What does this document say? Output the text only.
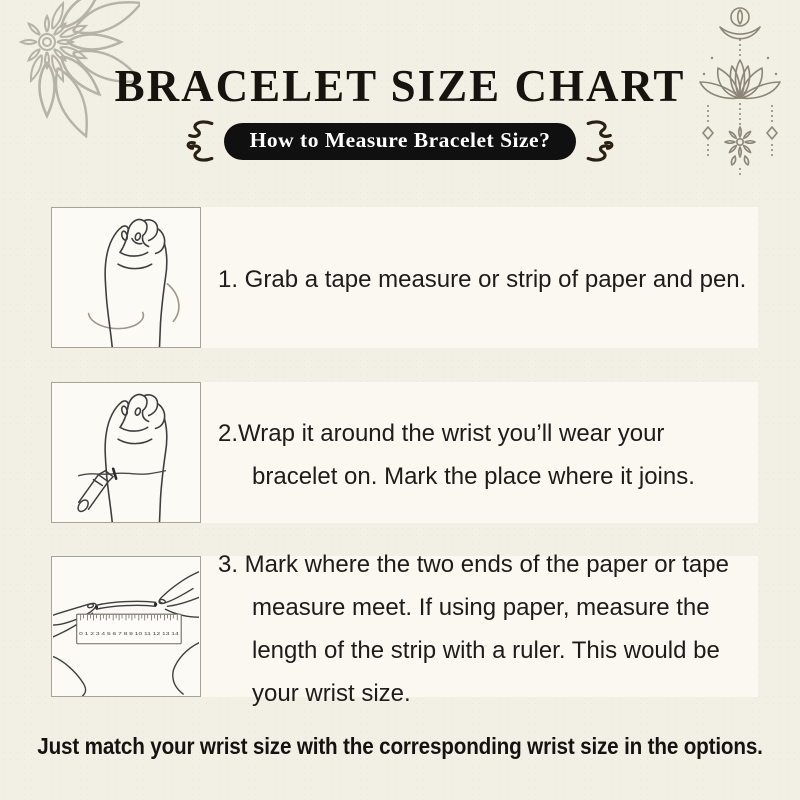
BRACELET SIZE CHART
How to Measure Bracelet Size?

1. Grab a tape measure or strip of paper and pen.

2.Wrap it around the wrist you’ll wear your bracelet on. Mark the place where it joins.

0 1 2 3 4 5 6 7 8 9 10 11 12 13 14

3. Mark where the two ends of the paper or tape measure meet. If using paper, measure the length of the strip with a ruler. This would be your wrist size.

Just match your wrist size with the corresponding wrist size in the options.
